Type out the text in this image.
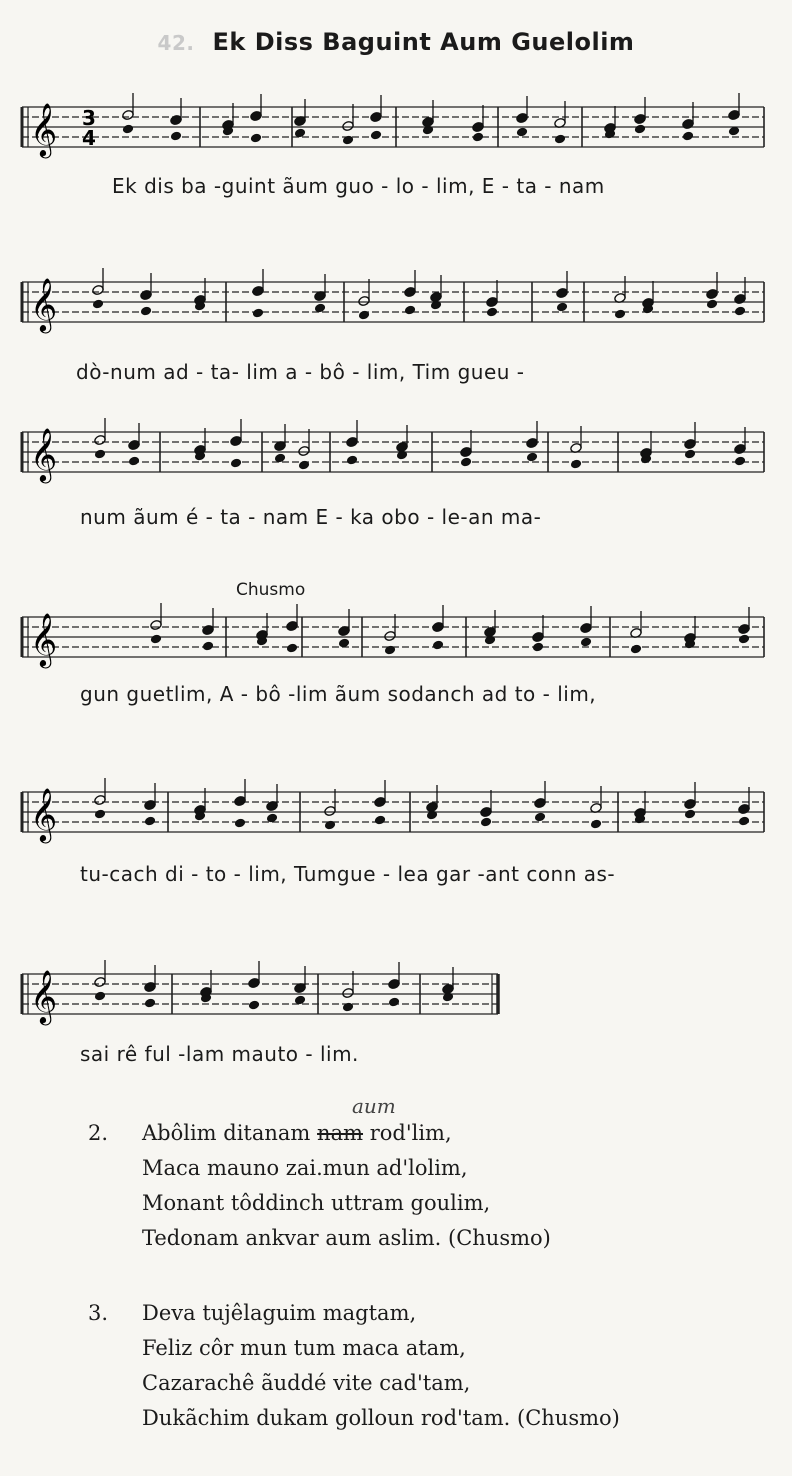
42. Ek Diss Baguint Aum Guelolim
𝄞 3
4
Ek dis ba -guint ãum guo - lo - lim, E - ta - nam
𝄞
dò-num ad - ta- lim a - bô - lim, Tim gueu -
𝄞
num ãum é - ta - nam E - ka obo - le-an ma-
Chusmo
𝄞
gun guetlim, A - bô -lim ãum sodanch ad to - lim,
𝄞
tu-cach di - to - lim, Tumgue - lea gar -ant conn as-
𝄞
sai rê ful -lam mauto - lim.
aum
2.	Abôlim ditanam nam rod'lim,
Maca mauno zai.mun ad'lolim,
Monant tôddinch uttram goulim,
Tedonam ankvar aum aslim. (Chusmo)
3.	Deva tujêlaguim magtam,
Feliz côr mun tum maca atam,
Cazarachê ãuddé vite cad'tam,
Dukãchim dukam golloun rod'tam. (Chusmo)
